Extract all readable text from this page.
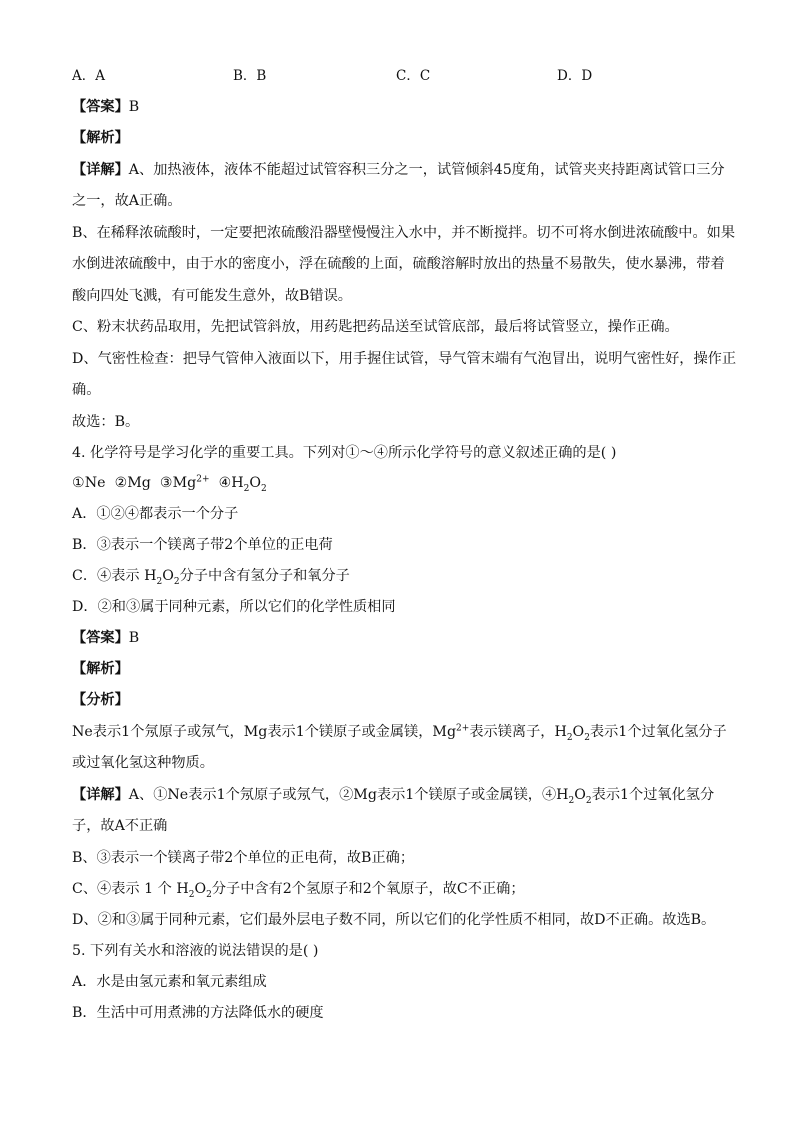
A．A	B．B	C．C	D．D
【答案】B
【解析】
【详解】A、加热液体，液体不能超过试管容积三分之一，试管倾斜45度角，试管夹夹持距离试管口三分
之一，故A正确。
B、在稀释浓硫酸时，一定要把浓硫酸沿器壁慢慢注入水中，并不断搅拌。切不可将水倒进浓硫酸中。如果
水倒进浓硫酸中，由于水的密度小，浮在硫酸的上面，硫酸溶解时放出的热量不易散失，使水暴沸，带着
酸向四处飞溅，有可能发生意外，故B错误。
C、粉末状药品取用，先把试管斜放，用药匙把药品送至试管底部，最后将试管竖立，操作正确。
D、气密性检查：把导气管伸入液面以下，用手握住试管，导气管末端有气泡冒出，说明气密性好，操作正
确。
故选：B。
4. 化学符号是学习化学的重要工具。下列对①～④所示化学符号的意义叙述正确的是( )
①Ne ②Mg $③Mg^{2+}$ $④H_2O_2$
A．①②④都表示一个分子
B．③表示一个镁离子带2个单位的正电荷
C．④表示 $H_2O_2$分子中含有氢分子和氧分子
D．②和③属于同种元素，所以它们的化学性质相同
【答案】B
【解析】
【分析】
Ne表示1个氖原子或氖气，Mg表示1个镁原子或金属镁，$Mg^{2+}$表示镁离子，$H_2O_2$表示1个过氧化氢分子
或过氧化氢这种物质。
【详解】A、①Ne表示1个氖原子或氖气，②Mg表示1个镁原子或金属镁，$④H_2O_2$表示1个过氧化氢分
子，故A不正确
B、③表示一个镁离子带2个单位的正电荷，故B正确；
C、④表示 1 个 $H_2O_2$分子中含有2个氢原子和2个氧原子，故C不正确；
D、②和③属于同种元素，它们最外层电子数不同，所以它们的化学性质不相同，故D不正确。故选B。
5. 下列有关水和溶液的说法错误的是( )
A．水是由氢元素和氧元素组成
B．生活中可用煮沸的方法降低水的硬度
